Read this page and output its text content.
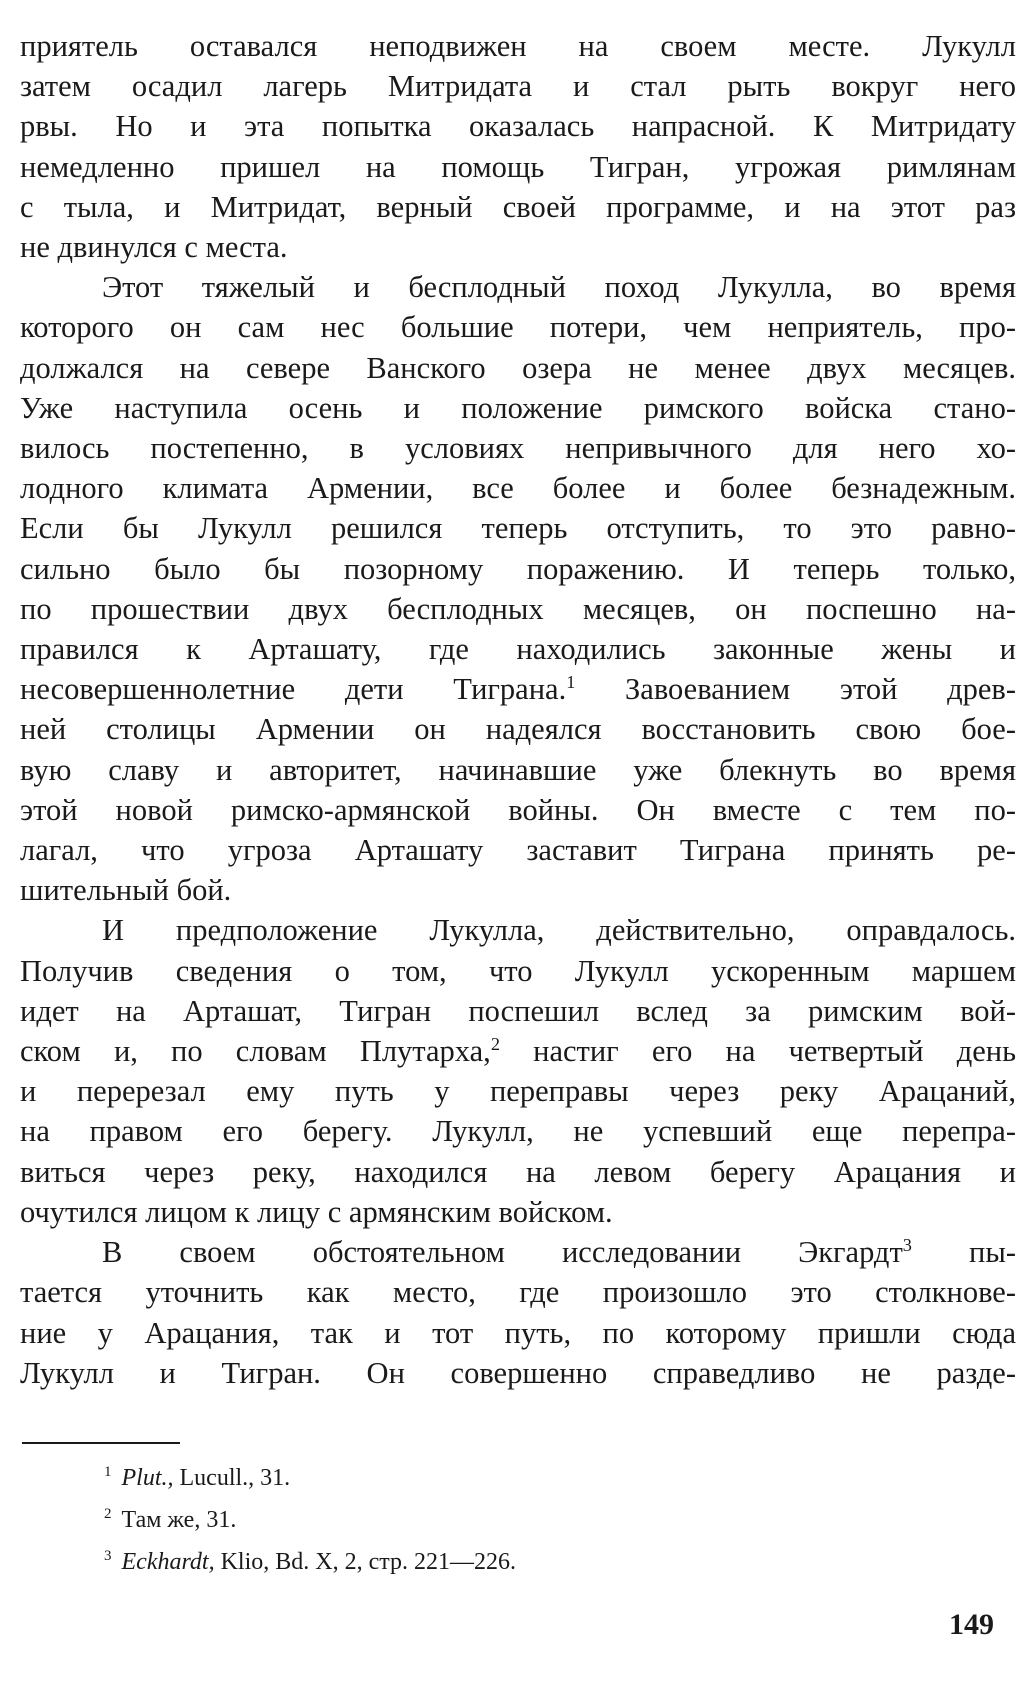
приятель оставался неподвижен на своем месте. Лукулл
затем осадил лагерь Митридата и стал рыть вокруг него
рвы. Но и эта попытка оказалась напрасной. К Митридату
немедленно пришел на помощь Тигран, угрожая римлянам
с тыла, и Митридат, верный своей программе, и на этот раз
не двинулся с места.
Этот тяжелый и бесплодный поход Лукулла, во время
которого он сам нес большие потери, чем неприятель, про-
должался на севере Ванского озера не менее двух месяцев.
Уже наступила осень и положение римского войска стано-
вилось постепенно, в условиях непривычного для него хо-
лодного климата Армении, все более и более безнадежным.
Если бы Лукулл решился теперь отступить, то это равно-
сильно было бы позорному поражению. И теперь только,
по прошествии двух бесплодных месяцев, он поспешно на-
правился к Арташату, где находились законные жены и
несовершеннолетние дети Тиграна.$^1$ Завоеванием этой древ-
ней столицы Армении он надеялся восстановить свою бое-
вую славу и авторитет, начинавшие уже блекнуть во время
этой новой римско-армянской войны. Он вместе с тем по-
лагал, что угроза Арташату заставит Тиграна принять ре-
шительный бой.
И предположение Лукулла, действительно, оправдалось.
Получив сведения о том, что Лукулл ускоренным маршем
идет на Арташат, Тигран поспешил вслед за римским вой-
ском и, по словам Плутарха,$^2$ настиг его на четвертый день
и перерезал ему путь у переправы через реку Арацаний,
на правом его берегу. Лукулл, не успевший еще перепра-
виться через реку, находился на левом берегу Арацания и
очутился лицом к лицу с армянским войском.
В своем обстоятельном исследовании Экгардт$^3$ пы-
тается уточнить как место, где произошло это столкнове-
ние у Арацания, так и тот путь, по которому пришли сюда
Лукулл и Тигран. Он совершенно справедливо не разде-
$^1$ Plut., Lucull., 31.
$^2$ Там же, 31.
$^3$ Eckhardt, Klio, Bd. X, 2, стр. 221—226.
149
